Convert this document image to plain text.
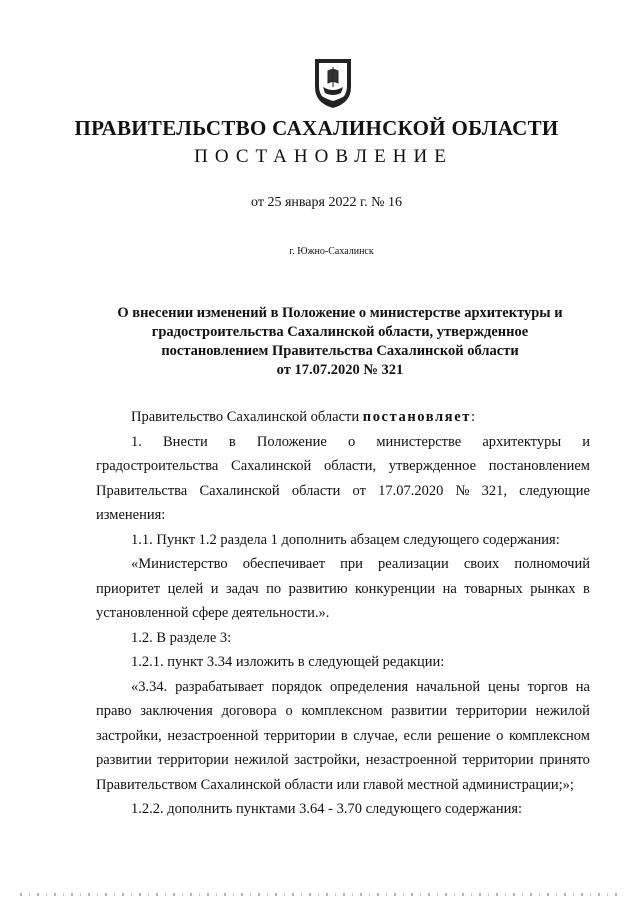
ПРАВИТЕЛЬСТВО САХАЛИНСКОЙ ОБЛАСТИ
ПОСТАНОВЛЕНИЕ
от 25 января 2022 г. № 16
г. Южно-Сахалинск
О внесении изменений в Положение о министерстве архитектуры и
градостроительства Сахалинской области, утвержденное
постановлением Правительства Сахалинской области
от 17.07.2020 № 321
Правительство Сахалинской области постановляет:
1. Внести в Положение о министерстве архитектуры и
градостроительства Сахалинской области, утвержденное постановлением
Правительства Сахалинской области от 17.07.2020 № 321, следующие
изменения:
1.1. Пункт 1.2 раздела 1 дополнить абзацем следующего содержания:
«Министерство обеспечивает при реализации своих полномочий
приоритет целей и задач по развитию конкуренции на товарных рынках в
установленной сфере деятельности.».
1.2. В разделе 3:
1.2.1. пункт 3.34 изложить в следующей редакции:
«3.34. разрабатывает порядок определения начальной цены торгов на
право заключения договора о комплексном развитии территории нежилой
застройки, незастроенной территории в случае, если решение о комплексном
развитии территории нежилой застройки, незастроенной территории принято
Правительством Сахалинской области или главой местной администрации;»;
1.2.2. дополнить пунктами 3.64 - 3.70 следующего содержания:
